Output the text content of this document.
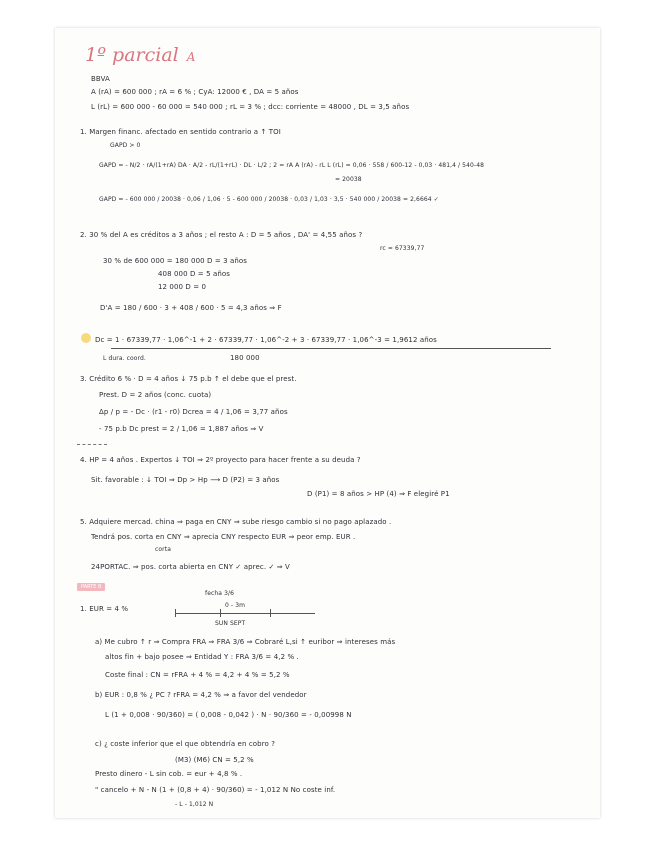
1º parcial A
BBVA
A (rA) = 600 000 ; rA = 6 % ; CyA: 12000 € , DA = 5 años
L (rL) = 600 000 - 60 000 = 540 000 ; rL = 3 % ; dcc: corriente = 48000 , DL = 3,5 años
1. Margen financ. afectado en sentido contrario a ↑ TOI
GAPD > 0
GAPD = - N/2 · rA/(1+rA) DA · A/2 - rL/(1+rL) · DL · L/2 ; 2 = rA A (rA) - rL L (rL) = 0,06 · 558 / 600-12 - 0,03 · 481,4 / 540-48
= 20038
GAPD = - 600 000 / 20038 · 0,06 / 1,06 · 5 - 600 000 / 20038 · 0,03 / 1,03 · 3,5 · 540 000 / 20038 = 2,6664 ✓
2. 30 % del A es créditos a 3 años ; el resto A : D = 5 años , DA' = 4,55 años ?
rc = 67339,77
30 % de 600 000 = 180 000 D = 3 años
408 000 D = 5 años
12 000 D = 0
D'A = 180 / 600 · 3 + 408 / 600 · 5 = 4,3 años ⇒ F
Dc = 1 · 67339,77 · 1,06^-1 + 2 · 67339,77 · 1,06^-2 + 3 · 67339,77 · 1,06^-3 = 1,9612 años
180 000
L dura. coord.
3. Crédito 6 % · D = 4 años ↓ 75 p.b ↑ el debe que el prest.
Prest. D = 2 años (conc. cuota)
Δp / p = - Dc · (r1 - r0) Dcrea = 4 / 1,06 = 3,77 años
- 75 p.b Dc prest = 2 / 1,06 = 1,887 años ⇒ V
4. HP = 4 años . Expertos ↓ TOI ⇒ 2º proyecto para hacer frente a su deuda ?
Sit. favorable : ↓ TOI ⇒ Dp > Hp ⟶ D (P2) = 3 años
D (P1) = 8 años > HP (4) ⇒ F elegiré P1
5. Adquiere mercad. china ⇒ paga en CNY ⇒ sube riesgo cambio si no pago aplazado .
Tendrá pos. corta en CNY ⇒ aprecia CNY respecto EUR ⇒ peor emp. EUR .
corta
24PORTAC. ⇒ pos. corta abierta en CNY ✓ aprec. ✓ ⇒ V
PARTE B
1. EUR = 4 %
fecha 3/6
0 - 3m
SUN SEPT
a) Me cubro ↑ r ⇒ Compra FRA ⇒ FRA 3/6 ⇒ Cobraré L,si ↑ euribor ⇒ intereses más
altos fin + bajo posee ⇒ Entidad Y : FRA 3/6 = 4,2 % .
Coste final : CN = rFRA + 4 % = 4,2 + 4 % = 5,2 %
b) EUR : 0,8 % ¿ PC ? rFRA = 4,2 % ⇒ a favor del vendedor
L (1 + 0,008 · 90/360) = ( 0,008 - 0,042 ) · N · 90/360 = - 0,00998 N
c) ¿ coste inferior que el que obtendría en cobro ?
(M3) (M6) CN = 5,2 %
Presto dinero - L sin cob. = eur + 4,8 % .
" cancelo + N - N (1 + (0,8 + 4) · 90/360) = - 1,012 N No coste inf.
- L - 1,012 N
